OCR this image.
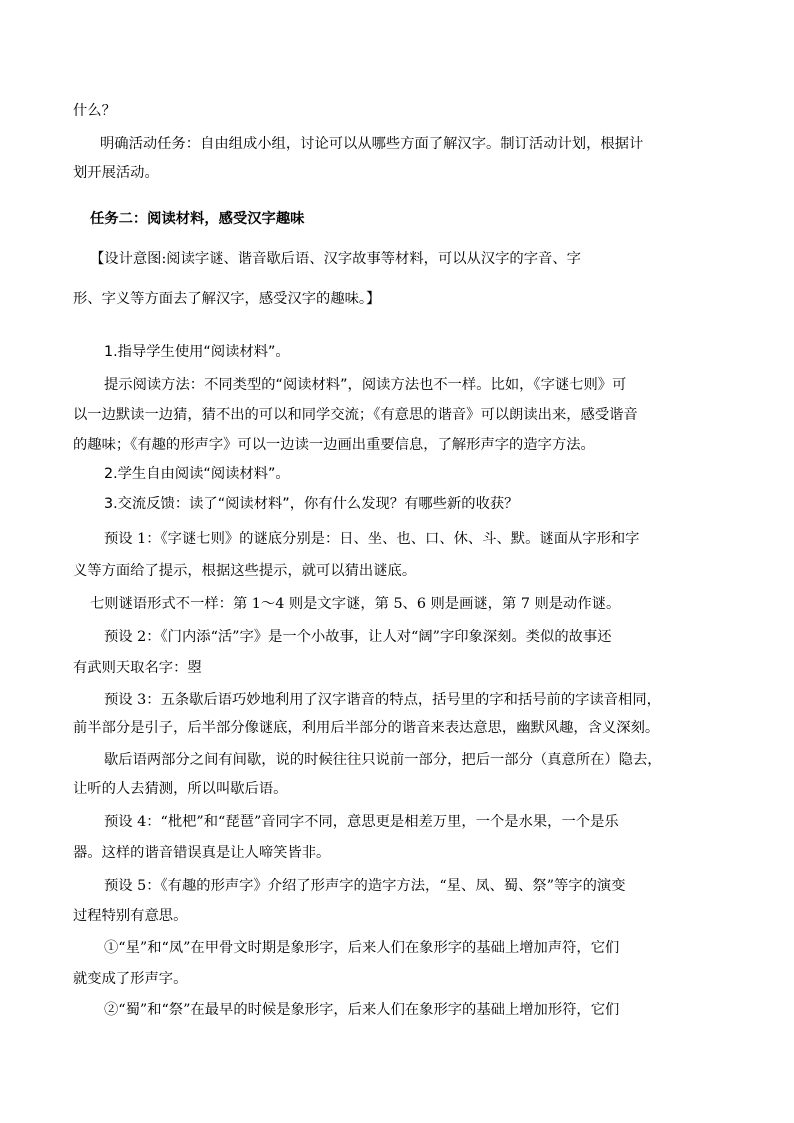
什么？
明确活动任务：自由组成小组，讨论可以从哪些方面了解汉字。制订活动计划，根据计
划开展活动。
任务二：阅读材料，感受汉字趣味
【设计意图:阅读字谜、谐音歇后语、汉字故事等材料，可以从汉字的字音、字
形、字义等方面去了解汉字，感受汉字的趣味。】
1.指导学生使用“阅读材料”。
提示阅读方法：不同类型的“阅读材料”，阅读方法也不一样。比如，《字谜七则》可
以一边默读一边猜，猜不出的可以和同学交流；《有意思的谐音》可以朗读出来，感受谐音
的趣味；《有趣的形声字》可以一边读一边画出重要信息，了解形声字的造字方法。
2.学生自由阅读“阅读材料”。
3.交流反馈：读了“阅读材料”，你有什么发现？有哪些新的收获？
预设 1：《字谜七则》的谜底分别是：日、坐、也、口、休、斗、默。谜面从字形和字
义等方面给了提示，根据这些提示，就可以猜出谜底。
七则谜语形式不一样：第 1～4 则是文字谜，第 5、6 则是画谜，第 7 则是动作谜。
预设 2：《门内添“活”字》是一个小故事，让人对“阔”字印象深刻。类似的故事还
有武则天取名字：曌
预设 3：五条歇后语巧妙地利用了汉字谐音的特点，括号里的字和括号前的字读音相同，
前半部分是引子，后半部分像谜底，利用后半部分的谐音来表达意思，幽默风趣，含义深刻。
歇后语两部分之间有间歇，说的时候往往只说前一部分，把后一部分（真意所在）隐去，
让听的人去猜测，所以叫歇后语。
预设 4：“枇杷”和“琵琶”音同字不同，意思更是相差万里，一个是水果，一个是乐
器。这样的谐音错误真是让人啼笑皆非。
预设 5：《有趣的形声字》介绍了形声字的造字方法，“星、凤、蜀、祭”等字的演变
过程特别有意思。
①“星”和“凤”在甲骨文时期是象形字，后来人们在象形字的基础上增加声符，它们
就变成了形声字。
②“蜀”和“祭”在最早的时候是象形字，后来人们在象形字的基础上增加形符，它们
